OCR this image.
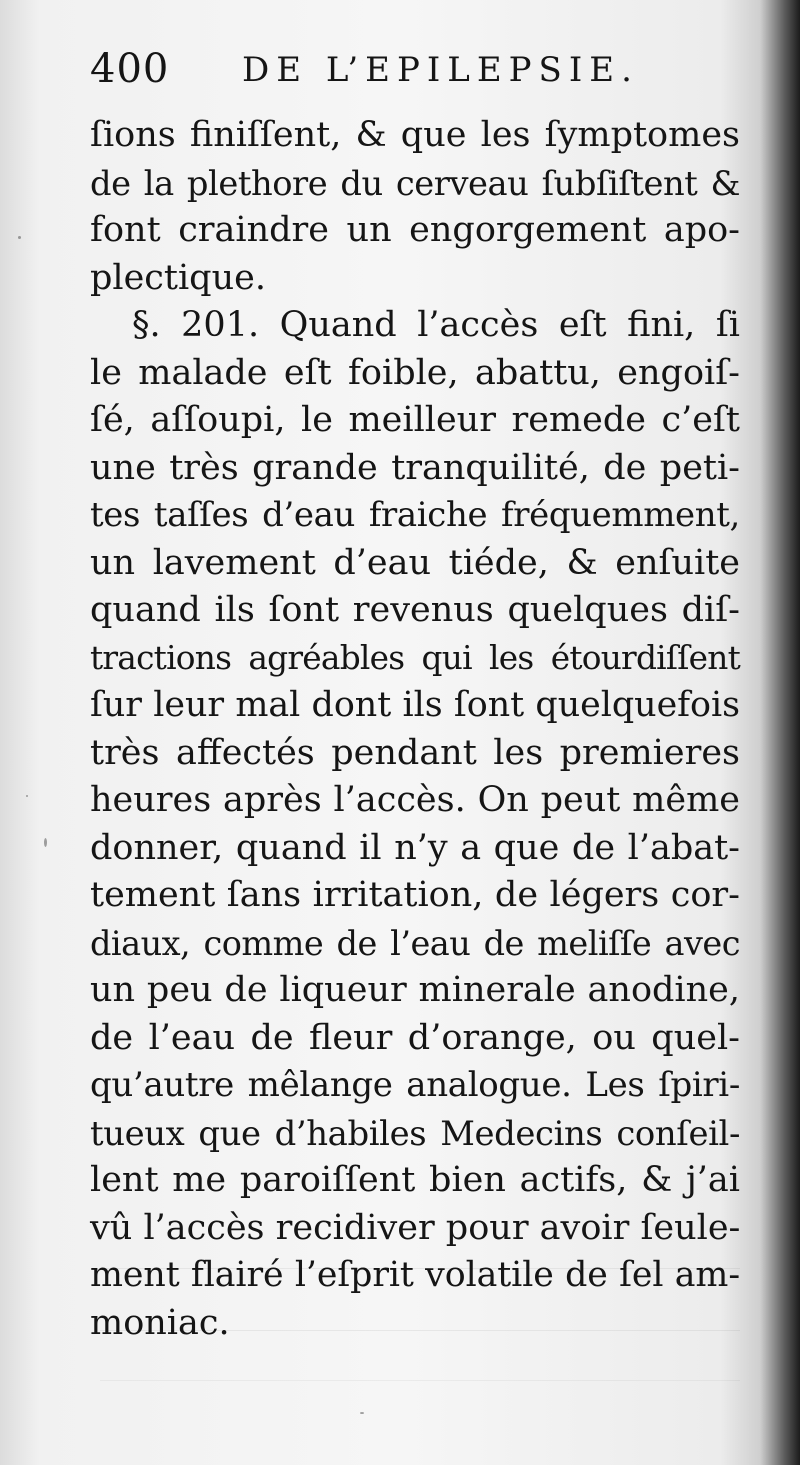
400 DE L’EPILEPSIE.
ſions finiſſent, & que les ſymptomes
de la plethore du cerveau ſubſiſtent &
font craindre un engorgement apo-
plectique.
§. 201. Quand l’accès eſt fini, ſi
le malade eſt foible, abattu, engoiſ-
ſé, aſſoupi, le meilleur remede c’eſt
une très grande tranquilité, de peti-
tes taſſes d’eau fraiche fréquemment,
un lavement d’eau tiéde, & enſuite
quand ils ſont revenus quelques diſ-
tractions agréables qui les étourdiſſent
ſur leur mal dont ils ſont quelquefois
très affectés pendant les premieres
heures après l’accès. On peut même
donner, quand il n’y a que de l’abat-
tement ſans irritation, de légers cor-
diaux, comme de l’eau de meliſſe avec
un peu de liqueur minerale anodine,
de l’eau de fleur d’orange, ou quel-
qu’autre mêlange analogue. Les ſpiri-
tueux que d’habiles Medecins conſeil-
lent me paroiſſent bien actifs, & j’ai
vû l’accès recidiver pour avoir ſeule-
ment flairé l’eſprit volatile de ſel am-
moniac.
